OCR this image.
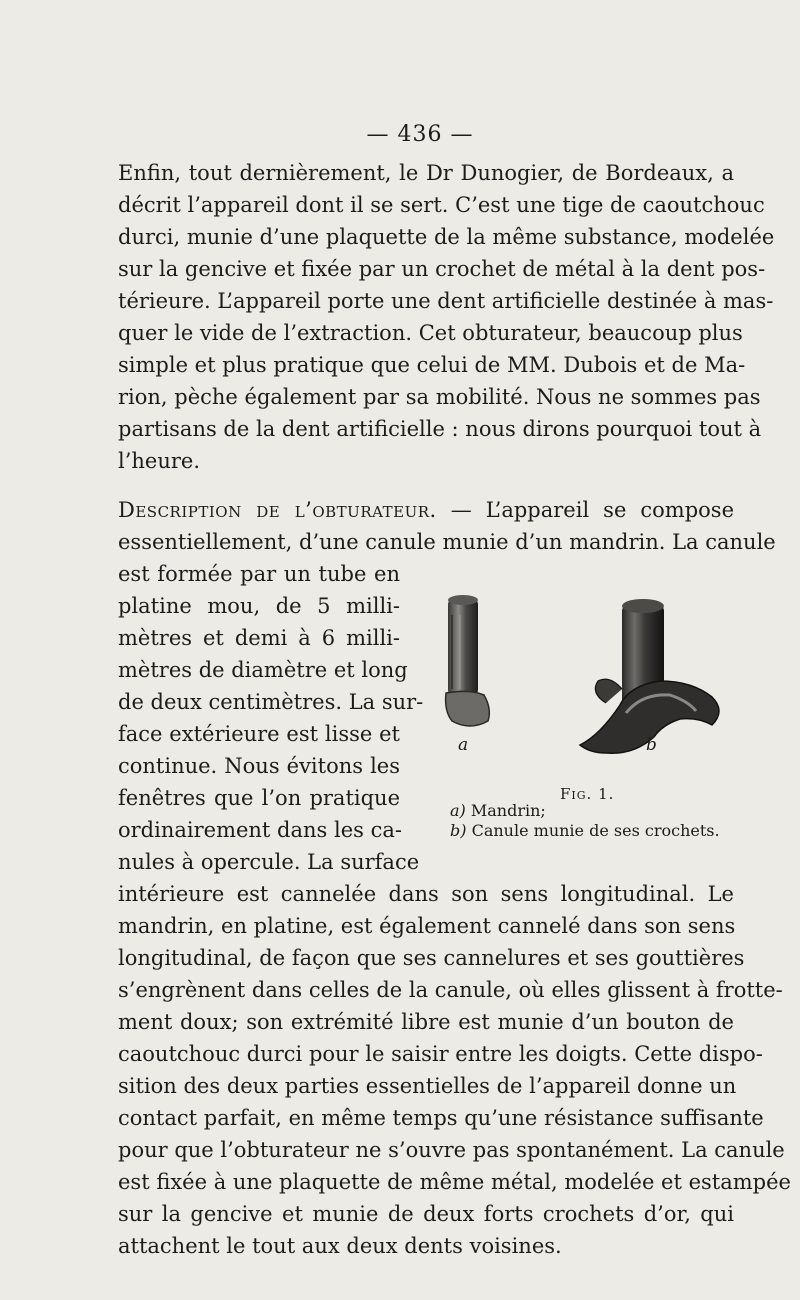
— 436 —
Enfin, tout dernièrement, le Dr Dunogier, de Bordeaux, a
décrit l’appareil dont il se sert. C’est une tige de caoutchouc
durci, munie d’une plaquette de la même substance, modelée
sur la gencive et fixée par un crochet de métal à la dent pos-
térieure. L’appareil porte une dent artificielle destinée à mas-
quer le vide de l’extraction. Cet obturateur, beaucoup plus
simple et plus pratique que celui de MM. Dubois et de Ma-
rion, pèche également par sa mobilité. Nous ne sommes pas
partisans de la dent artificielle : nous dirons pourquoi tout à
l’heure.
Description de l’obturateur. — L’appareil se compose
essentiellement, d’une canule munie d’un mandrin. La canule
est formée par un tube en
platine mou, de 5 milli-
mètres et demi à 6 milli-
mètres de diamètre et long
de deux centimètres. La sur-
face extérieure est lisse et
continue. Nous évitons les
fenêtres que l’on pratique
ordinairement dans les ca-
nules à opercule. La surface
intérieure est cannelée dans son sens longitudinal. Le
mandrin, en platine, est également cannelé dans son sens
longitudinal, de façon que ses cannelures et ses gouttières
s’engrènent dans celles de la canule, où elles glissent à frotte-
ment doux; son extrémité libre est munie d’un bouton de
caoutchouc durci pour le saisir entre les doigts. Cette dispo-
sition des deux parties essentielles de l’appareil donne un
contact parfait, en même temps qu’une résistance suffisante
pour que l’obturateur ne s’ouvre pas spontanément. La canule
est fixée à une plaquette de même métal, modelée et estampée
sur la gencive et munie de deux forts crochets d’or, qui
attachent le tout aux deux dents voisines.
a	b
Fig. 1.
a) Mandrin;
b) Canule munie de ses crochets.
